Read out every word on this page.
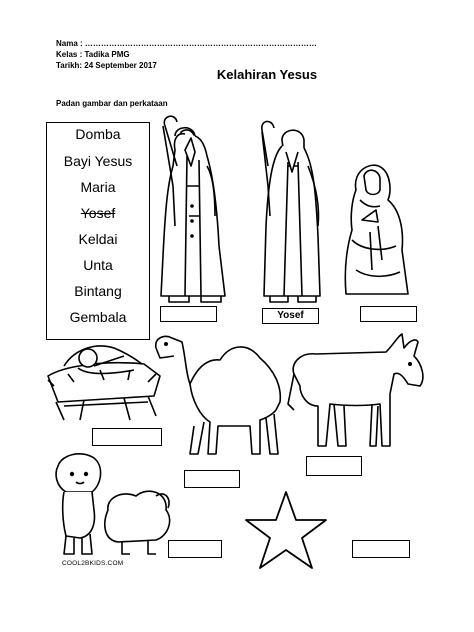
Nama : ……………………………………………………………………………
Kelas : Tadika PMG
Tarikh: 24 September 2017
Kelahiran Yesus
Padan gambar dan perkataan
Domba
Bayi Yesus
Maria
Yosef
Keldai
Unta
Bintang
Gembala	Yosef
COOL2BKIDS.COM
